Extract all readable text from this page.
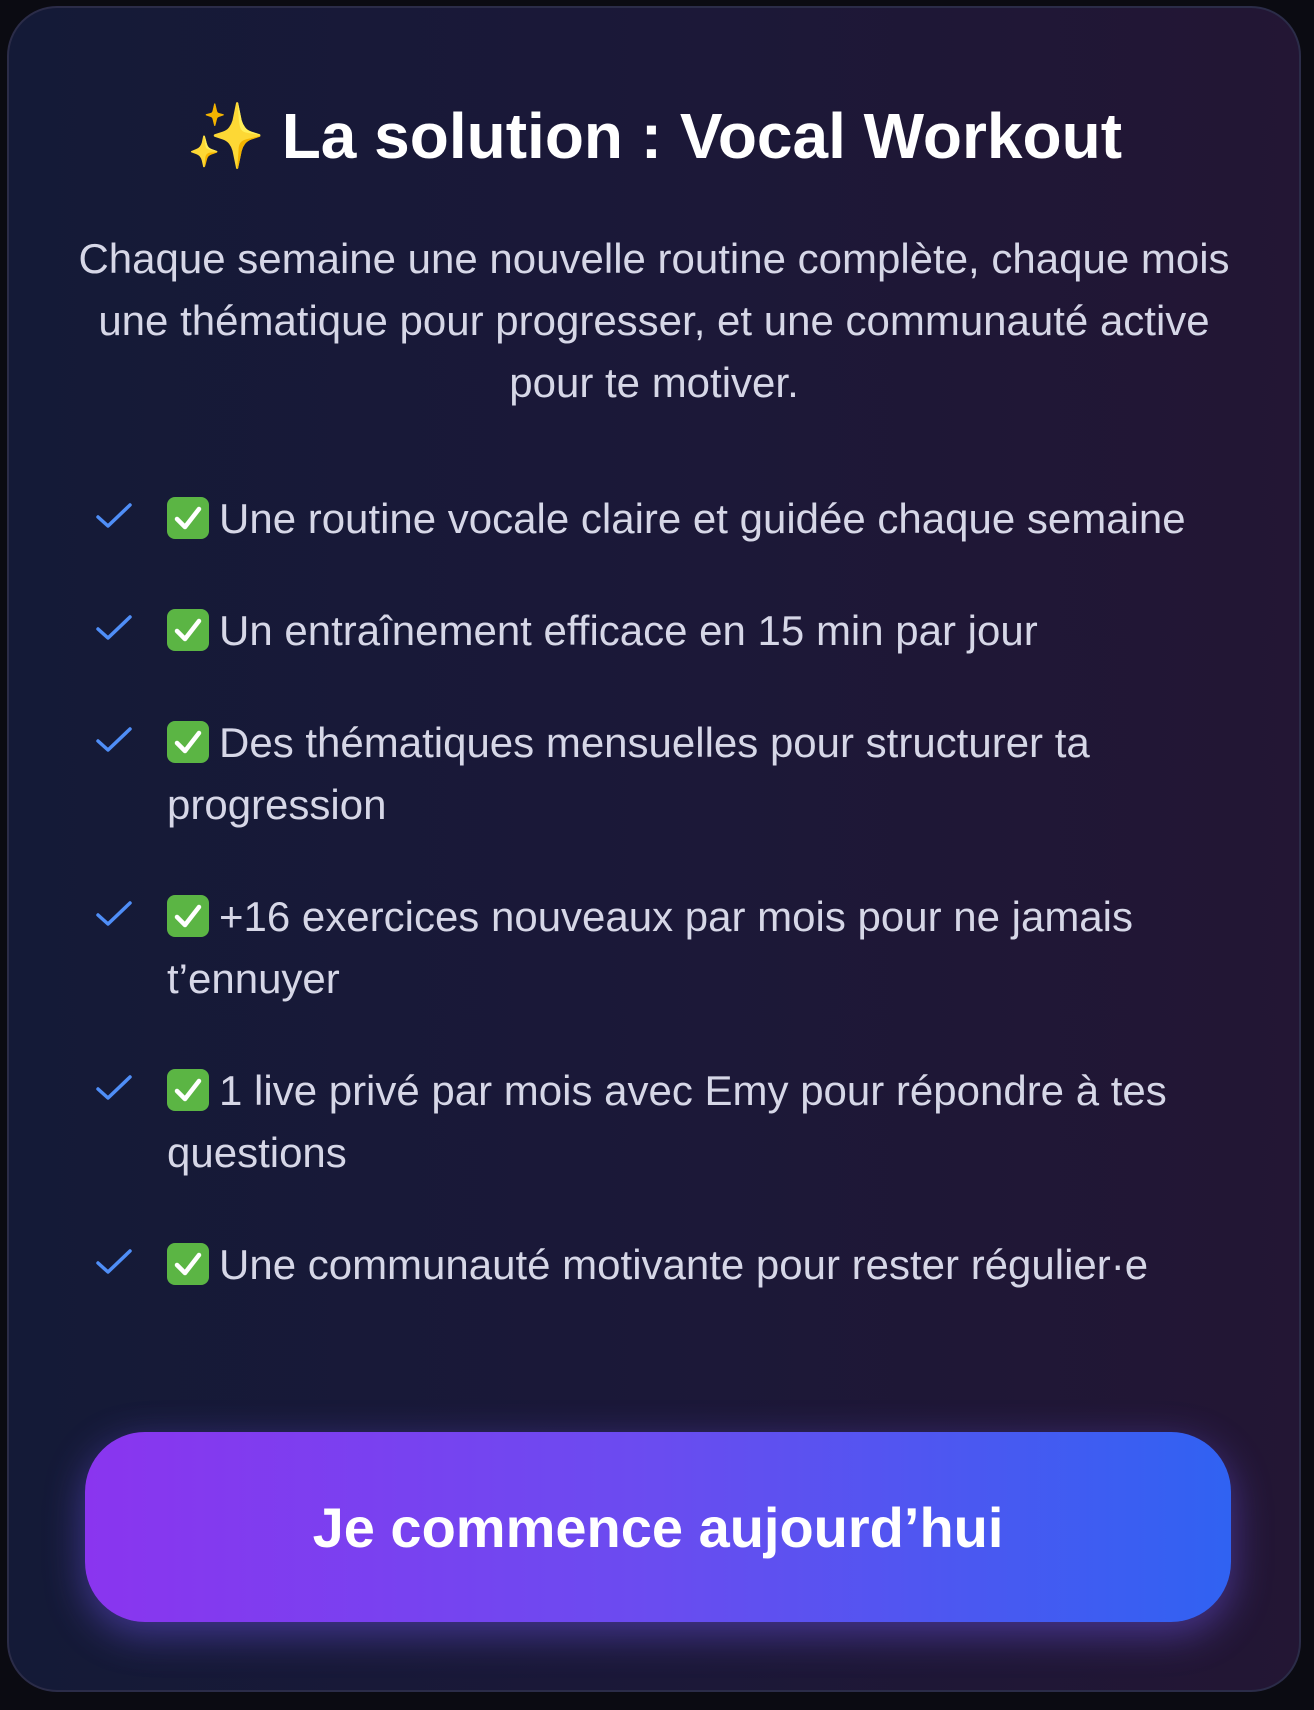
✨ La solution : Vocal Workout

Chaque semaine une nouvelle routine complète, chaque mois une thématique pour progresser, et une communauté active pour te motiver.

Une routine vocale claire et guidée chaque semaine
Un entraînement efficace en 15 min par jour
Des thématiques mensuelles pour structurer ta progression
+16 exercices nouveaux par mois pour ne jamais t’ennuyer
1 live privé par mois avec Emy pour répondre à tes questions
Une communauté motivante pour rester régulier·e
Je commence aujourd’hui
